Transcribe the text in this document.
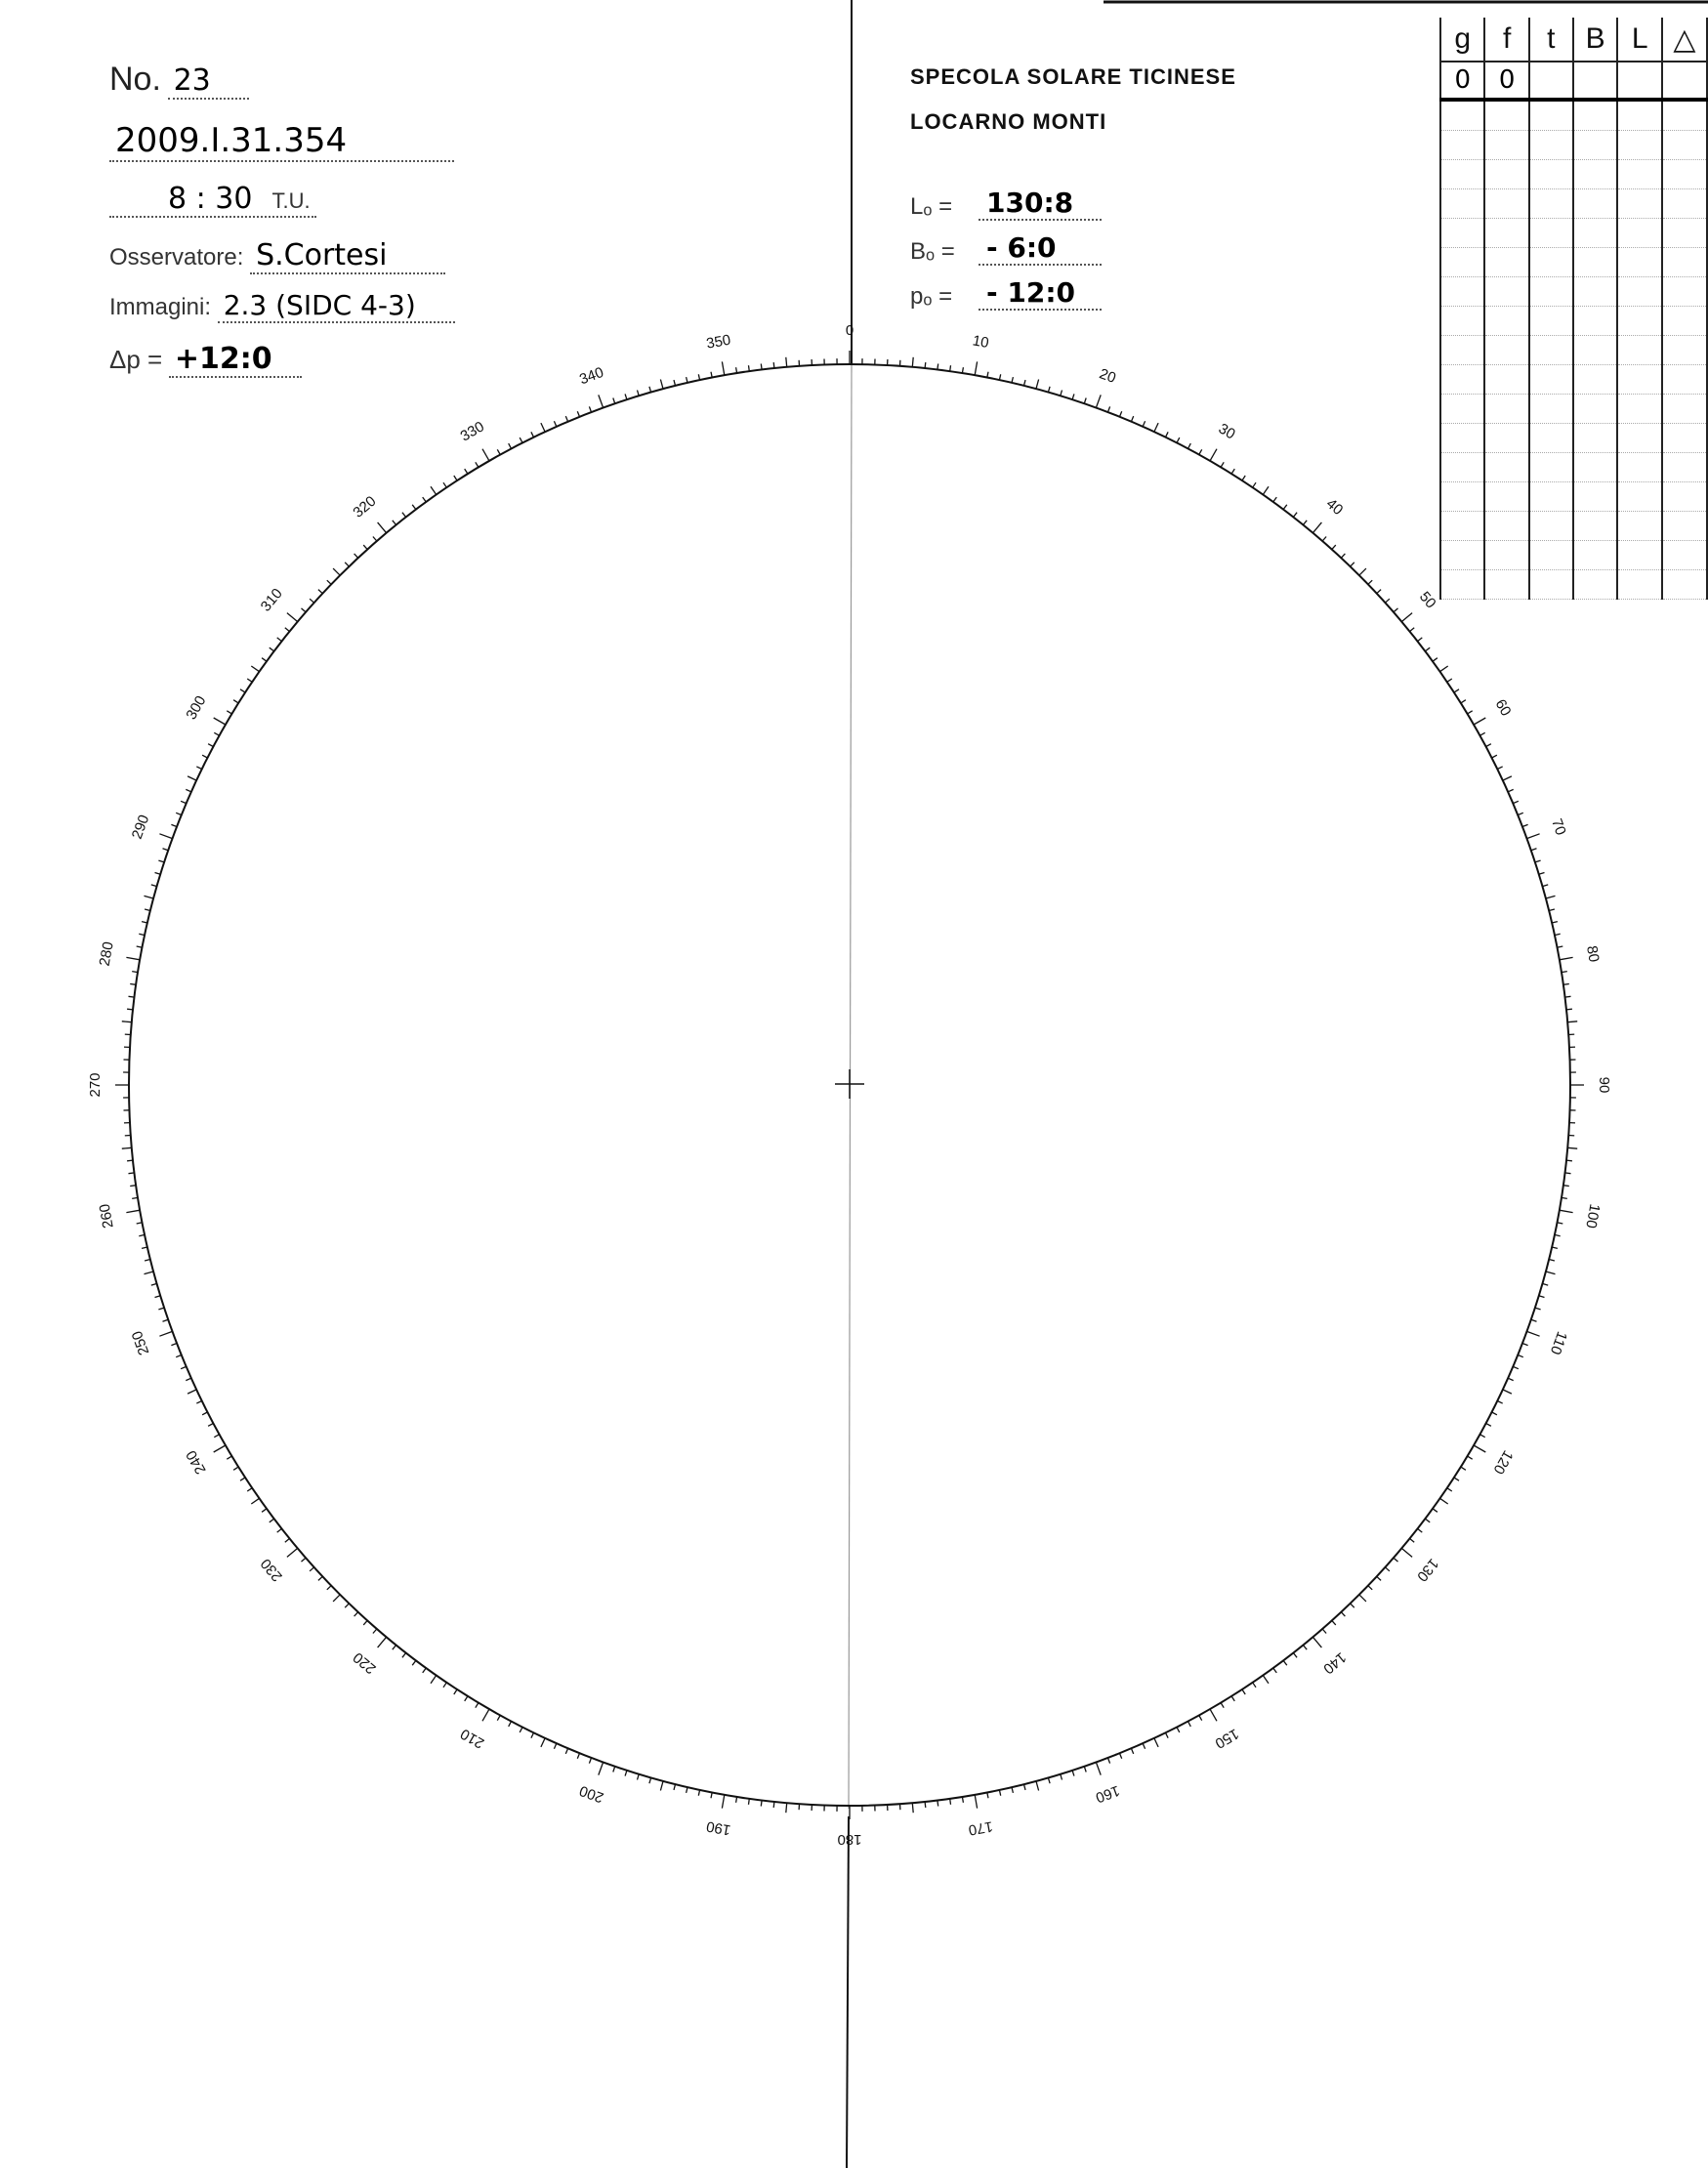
No. 23
2009.I.31.354
8 : 30 T.U.
Osservatore: S.Cortesi
Immagini: 2.3 (SIDC 4-3)
Δp = +12:0
SPECOLA SOLARE TICINESE
LOCARNO MONTI
Lₒ =	130:8
Bₒ =	- 6:0
pₒ =	- 12:0
0
10
20
30
40
50
60
70
80
90
100
110
120
130
140
150
160
170
180
190
200
210
220
230
240
250
260
270
280
290
300
310
320
330
340
350
g	f	t	B	L	△
0	0				
